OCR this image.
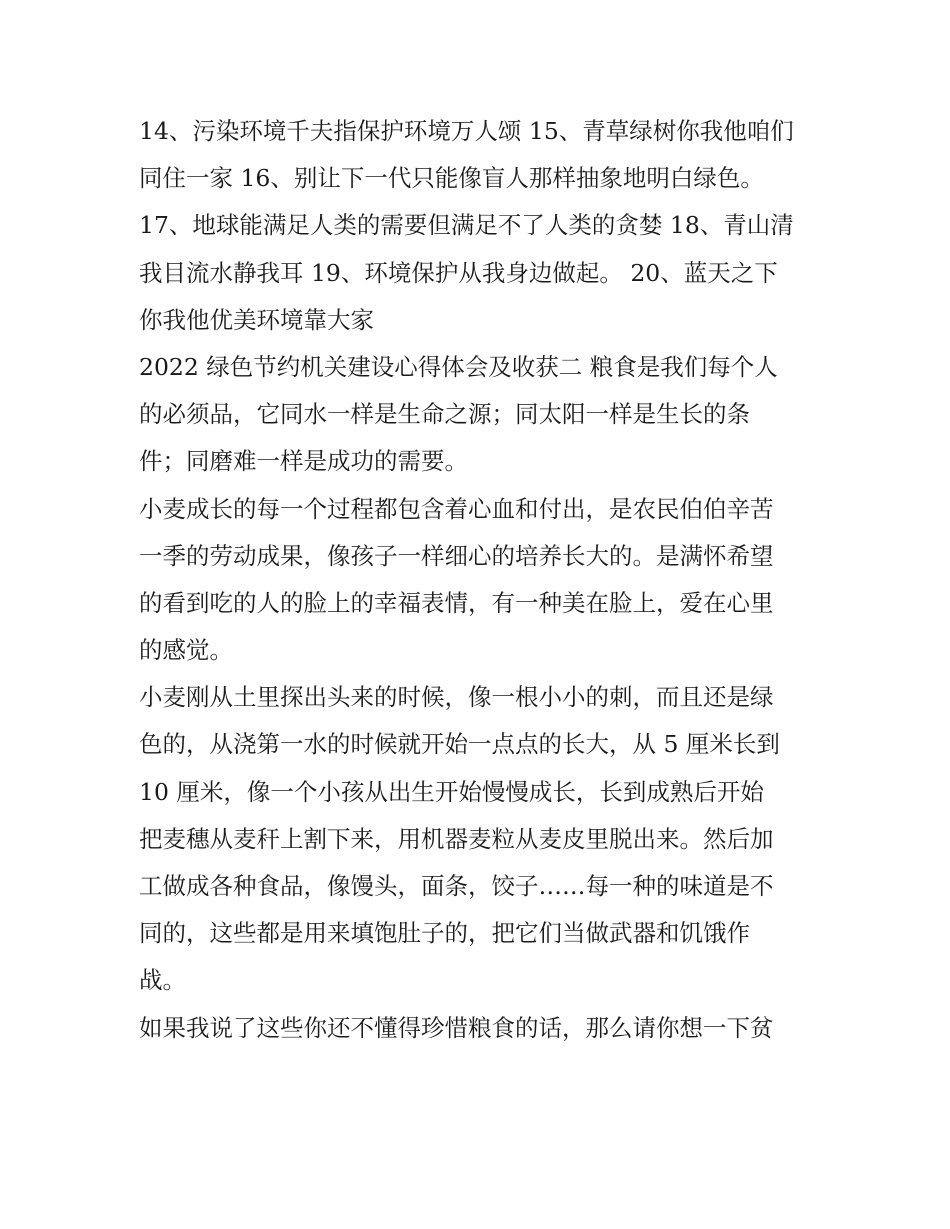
14、污染环境千夫指保护环境万人颂 15、青草绿树你我他咱们
同住一家 16、别让下一代只能像盲人那样抽象地明白绿色。
17、地球能满足人类的需要但满足不了人类的贪婪 18、青山清
我目流水静我耳 19、环境保护从我身边做起。 20、蓝天之下
你我他优美环境靠大家
2022 绿色节约机关建设心得体会及收获二 粮食是我们每个人
的必须品，它同水一样是生命之源；同太阳一样是生长的条
件；同磨难一样是成功的需要。
小麦成长的每一个过程都包含着心血和付出，是农民伯伯辛苦
一季的劳动成果，像孩子一样细心的培养长大的。是满怀希望
的看到吃的人的脸上的幸福表情，有一种美在脸上，爱在心里
的感觉。
小麦刚从土里探出头来的时候，像一根小小的刺，而且还是绿
色的，从浇第一水的时候就开始一点点的长大，从 5 厘米长到
10 厘米，像一个小孩从出生开始慢慢成长，长到成熟后开始
把麦穗从麦秆上割下来，用机器麦粒从麦皮里脱出来。然后加
工做成各种食品，像馒头，面条，饺子……每一种的味道是不
同的，这些都是用来填饱肚子的，把它们当做武器和饥饿作
战。
如果我说了这些你还不懂得珍惜粮食的话，那么请你想一下贫
